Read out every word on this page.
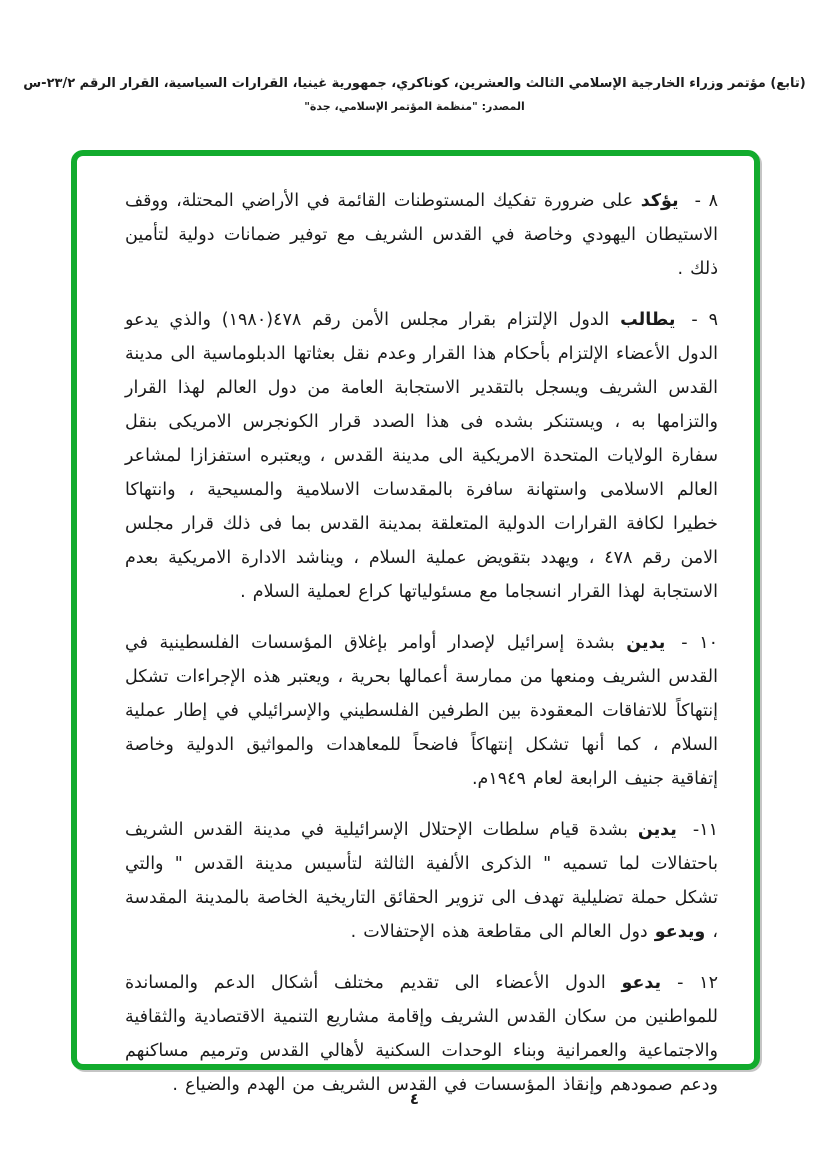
(تابع) مؤتمر وزراء الخارجية الإسلامي الثالث والعشرين، كوناكري، جمهورية غينيا، القرارات السياسية، القرار الرقم ٢٣/٢-س
المصدر: "منظمة المؤتمر الإسلامي، جدة"

٨ -يؤكد على ضرورة تفكيك المستوطنات القائمة في الأراضي المحتلة، ووقف الاستيطان اليهودي وخاصة في القدس الشريف مع توفير ضمانات دولية لتأمين ذلك .

٩ -يطالب الدول الإلتزام بقرار مجلس الأمن رقم ٤٧٨(١٩٨٠) والذي يدعو الدول الأعضاء الإلتزام بأحكام هذا القرار وعدم نقل بعثاتها الدبلوماسية الى مدينة القدس الشريف ويسجل بالتقدير الاستجابة العامة من دول العالم لهذا القرار والتزامها به ، ويستنكر بشده فى هذا الصدد قرار الكونجرس الامريكى بنقل سفارة الولايات المتحدة الامريكية الى مدينة القدس ، ويعتبره استفزازا لمشاعر العالم الاسلامى واستهانة سافرة بالمقدسات الاسلامية والمسيحية ، وانتهاكا خطيرا لكافة القرارات الدولية المتعلقة بمدينة القدس بما فى ذلك قرار مجلس الامن رقم ٤٧٨ ، ويهدد بتقويض عملية السلام ، ويناشد الادارة الامريكية بعدم الاستجابة لهذا القرار انسجاما مع مسئولياتها كراع لعملية السلام .

١٠ -يدين بشدة إسرائيل لإصدار أوامر بإغلاق المؤسسات الفلسطينية في القدس الشريف ومنعها من ممارسة أعمالها بحرية ، ويعتبر هذه الإجراءات تشكل إنتهاكاً للاتفاقات المعقودة بين الطرفين الفلسطيني والإسرائيلي في إطار عملية السلام ، كما أنها تشكل إنتهاكاً فاضحاً للمعاهدات والمواثيق الدولية وخاصة إتفاقية جنيف الرابعة لعام ١٩٤٩م.

١١-يدين بشدة قيام سلطات الإحتلال الإسرائيلية في مدينة القدس الشريف باحتفالات لما تسميه " الذكرى الألفية الثالثة لتأسيس مدينة القدس " والتي تشكل حملة تضليلية تهدف الى تزوير الحقائق التاريخية الخاصة بالمدينة المقدسة ، ويدعو دول العالم الى مقاطعة هذه الإحتفالات .

١٢ -يدعو الدول الأعضاء الى تقديم مختلف أشكال الدعم والمساندة للمواطنين من سكان القدس الشريف وإقامة مشاريع التنمية الاقتصادية والثقافية والاجتماعية والعمرانية وبناء الوحدات السكنية لأهالي القدس وترميم مساكنهم ودعم صمودهم وإنقاذ المؤسسات في القدس الشريف من الهدم والضياع .

٤
